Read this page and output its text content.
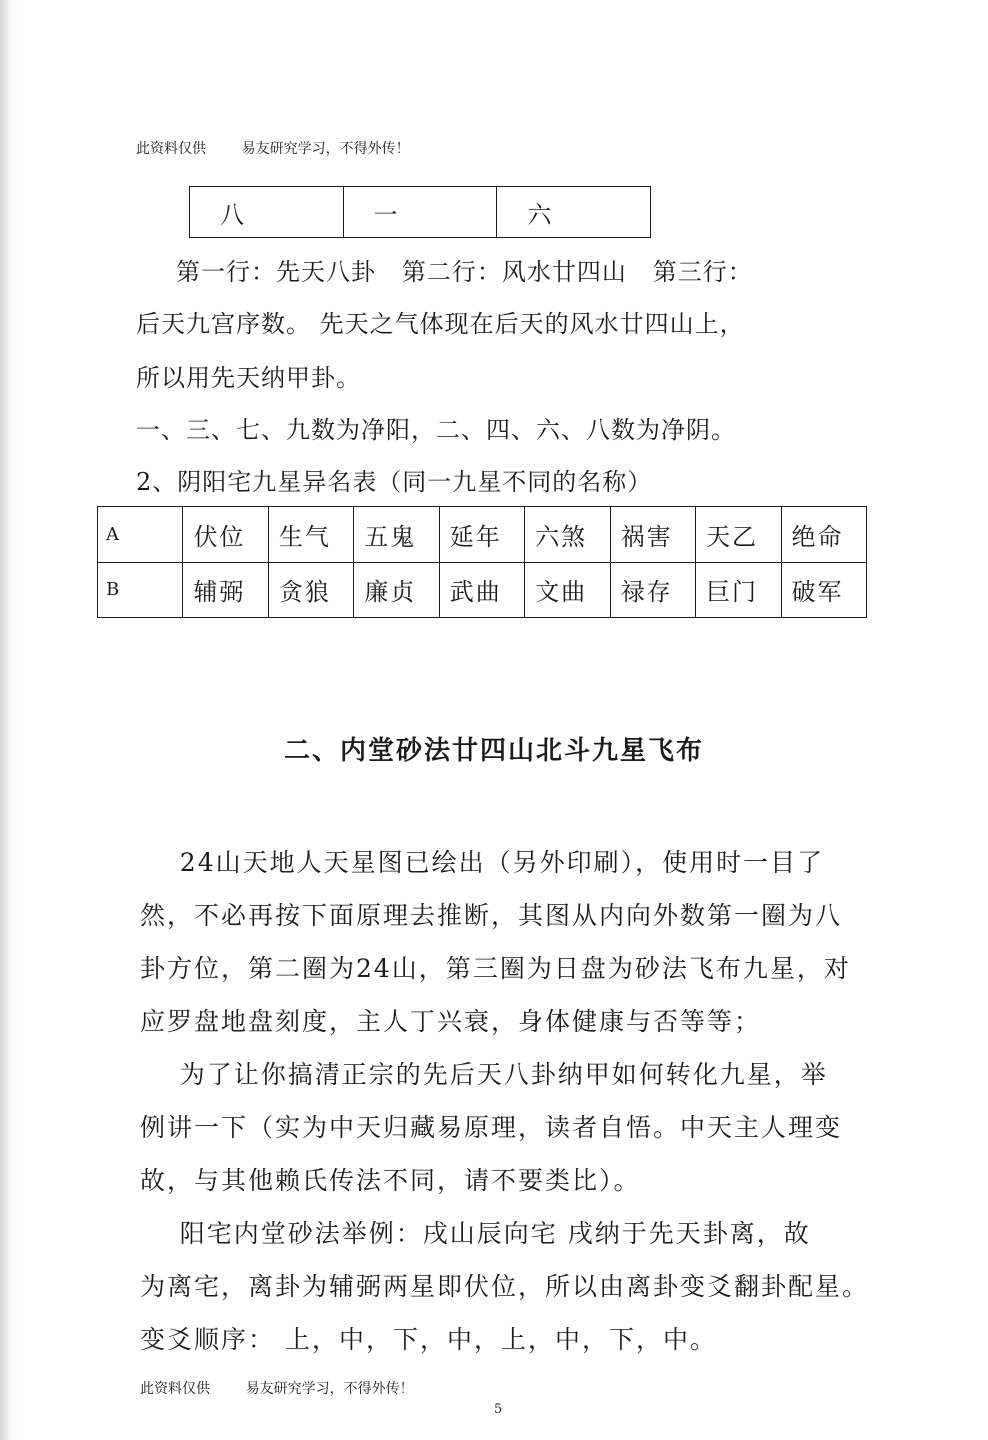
此资料仅供	易友研究学习，不得外传！
八	一	六
第一行：先天八卦   第二行：风水廿四山   第三行：
后天九宫序数。 先天之气体现在后天的风水廿四山上，
所以用先天纳甲卦。
一、三、七、九数为净阳，二、四、六、八数为净阴。
2、阴阳宅九星异名表（同一九星不同的名称）
A	伏位	生气	五鬼	延年	六煞	祸害	天乙	绝命
B	辅弼	贪狼	廉贞	武曲	文曲	禄存	巨门	破军
二、内堂砂法廿四山北斗九星飞布
24山天地人天星图已绘出（另外印刷），使用时一目了
然，不必再按下面原理去推断，其图从内向外数第一圈为八
卦方位，第二圈为24山，第三圈为日盘为砂法飞布九星，对
应罗盘地盘刻度，主人丁兴衰，身体健康与否等等；
为了让你搞清正宗的先后天八卦纳甲如何转化九星，举
例讲一下（实为中天归藏易原理，读者自悟。中天主人理变
故，与其他赖氏传法不同，请不要类比）。
阳宅内堂砂法举例：戌山辰向宅 戌纳于先天卦离，故
为离宅，离卦为辅弼两星即伏位，所以由离卦变爻翻卦配星。
变爻顺序： 上，中，下，中，上，中，下，中。
此资料仅供	易友研究学习，不得外传！
5
